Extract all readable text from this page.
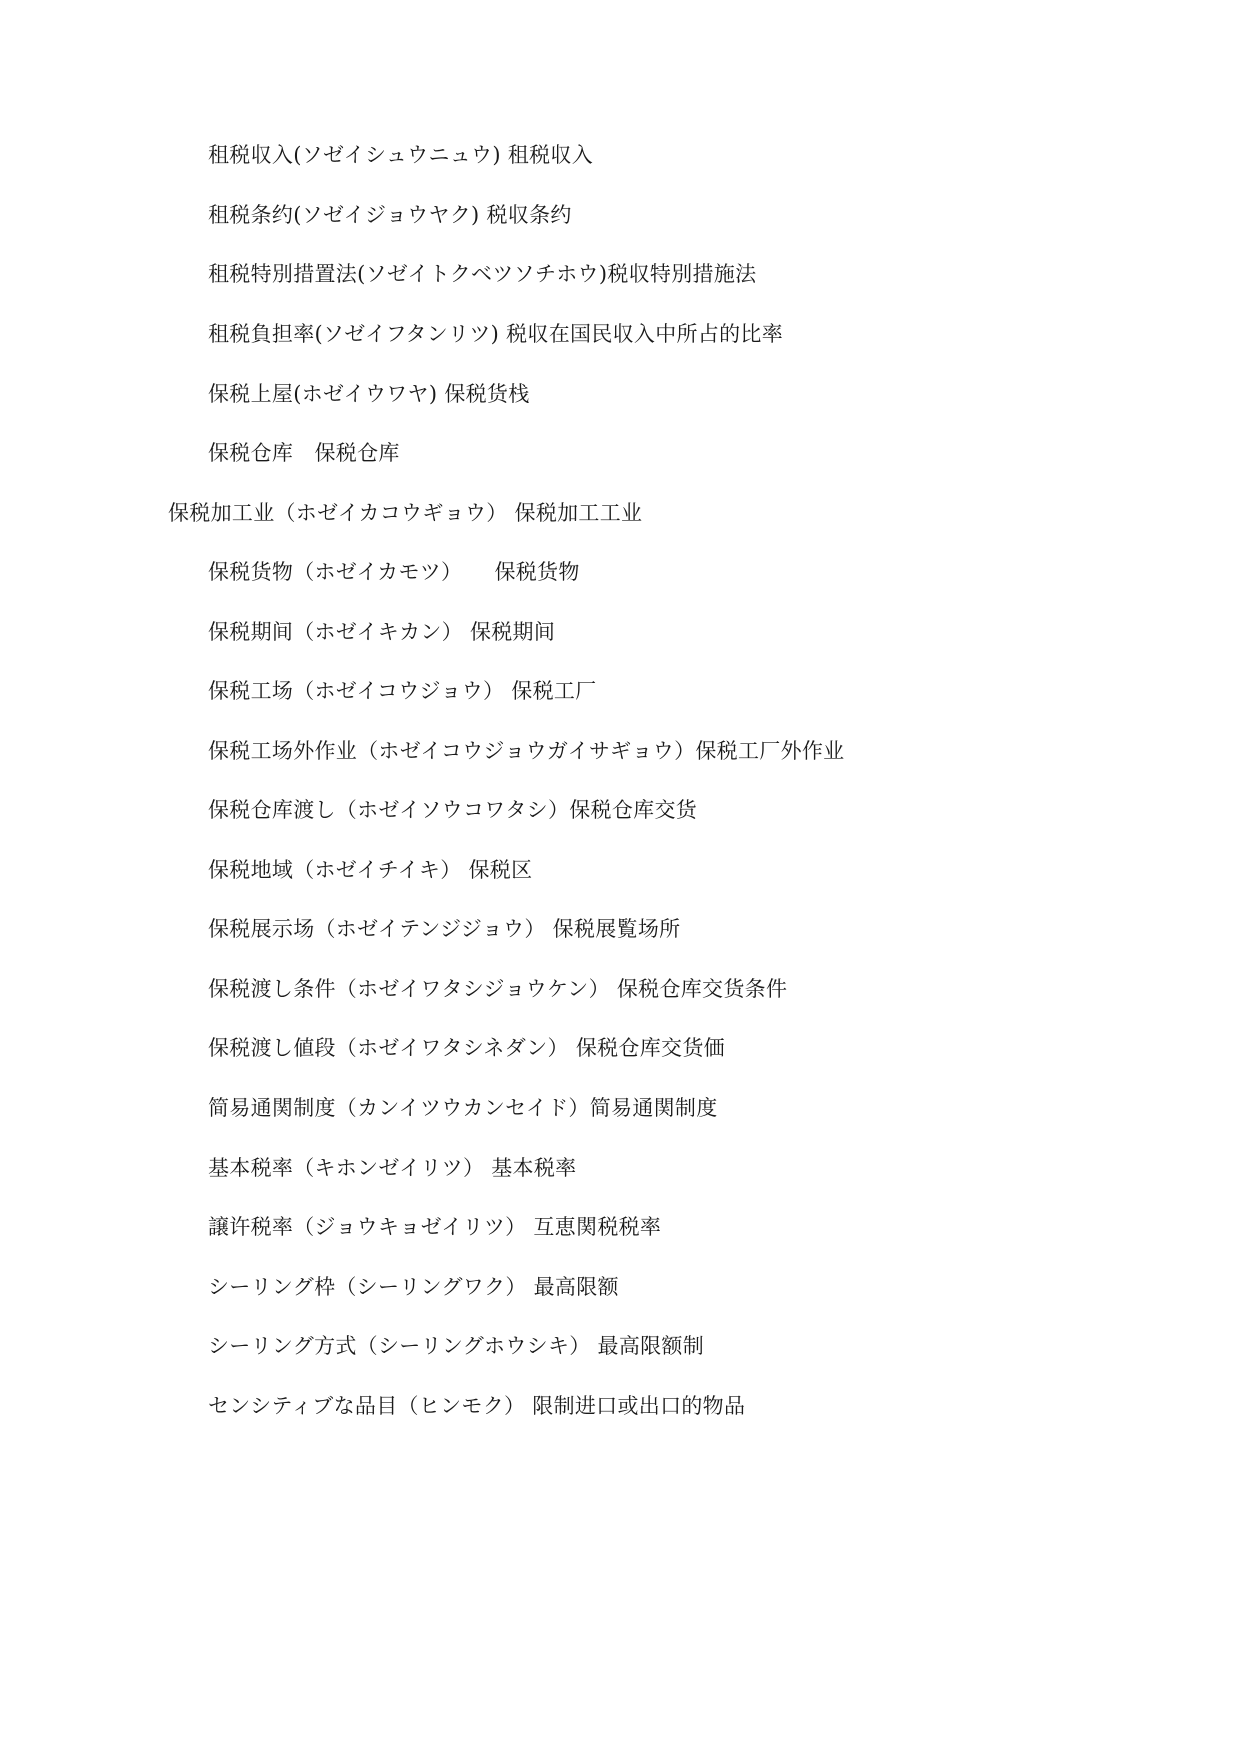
租税収入(ソゼイシュウニュウ) 租税収入
租税条约(ソゼイジョウヤク) 税収条约
租税特別措置法(ソゼイトクベツソチホウ)税収特別措施法
租税負担率(ソゼイフタンリツ) 税収在国民収入中所占的比率
保税上屋(ホゼイウワヤ) 保税货栈
保税仓库　保税仓库
保税加工业（ホゼイカコウギョウ） 保税加工工业
保税货物（ホゼイカモツ）　　保税货物
保税期间（ホゼイキカン） 保税期间
保税工场（ホゼイコウジョウ） 保税工厂
保税工场外作业（ホゼイコウジョウガイサギョウ）保税工厂外作业
保税仓库渡し（ホゼイソウコワタシ）保税仓库交货
保税地域（ホゼイチイキ） 保税区
保税展示场（ホゼイテンジジョウ） 保税展覧场所
保税渡し条件（ホゼイワタシジョウケン） 保税仓库交货条件
保税渡し値段（ホゼイワタシネダン） 保税仓库交货価
简易通関制度（カンイツウカンセイド）简易通関制度
基本税率（キホンゼイリツ） 基本税率
譲许税率（ジョウキョゼイリツ） 互恵関税税率
シーリング枠（シーリングワク） 最高限额
シーリング方式（シーリングホウシキ） 最高限额制
センシティブな品目（ヒンモク） 限制进口或出口的物品
